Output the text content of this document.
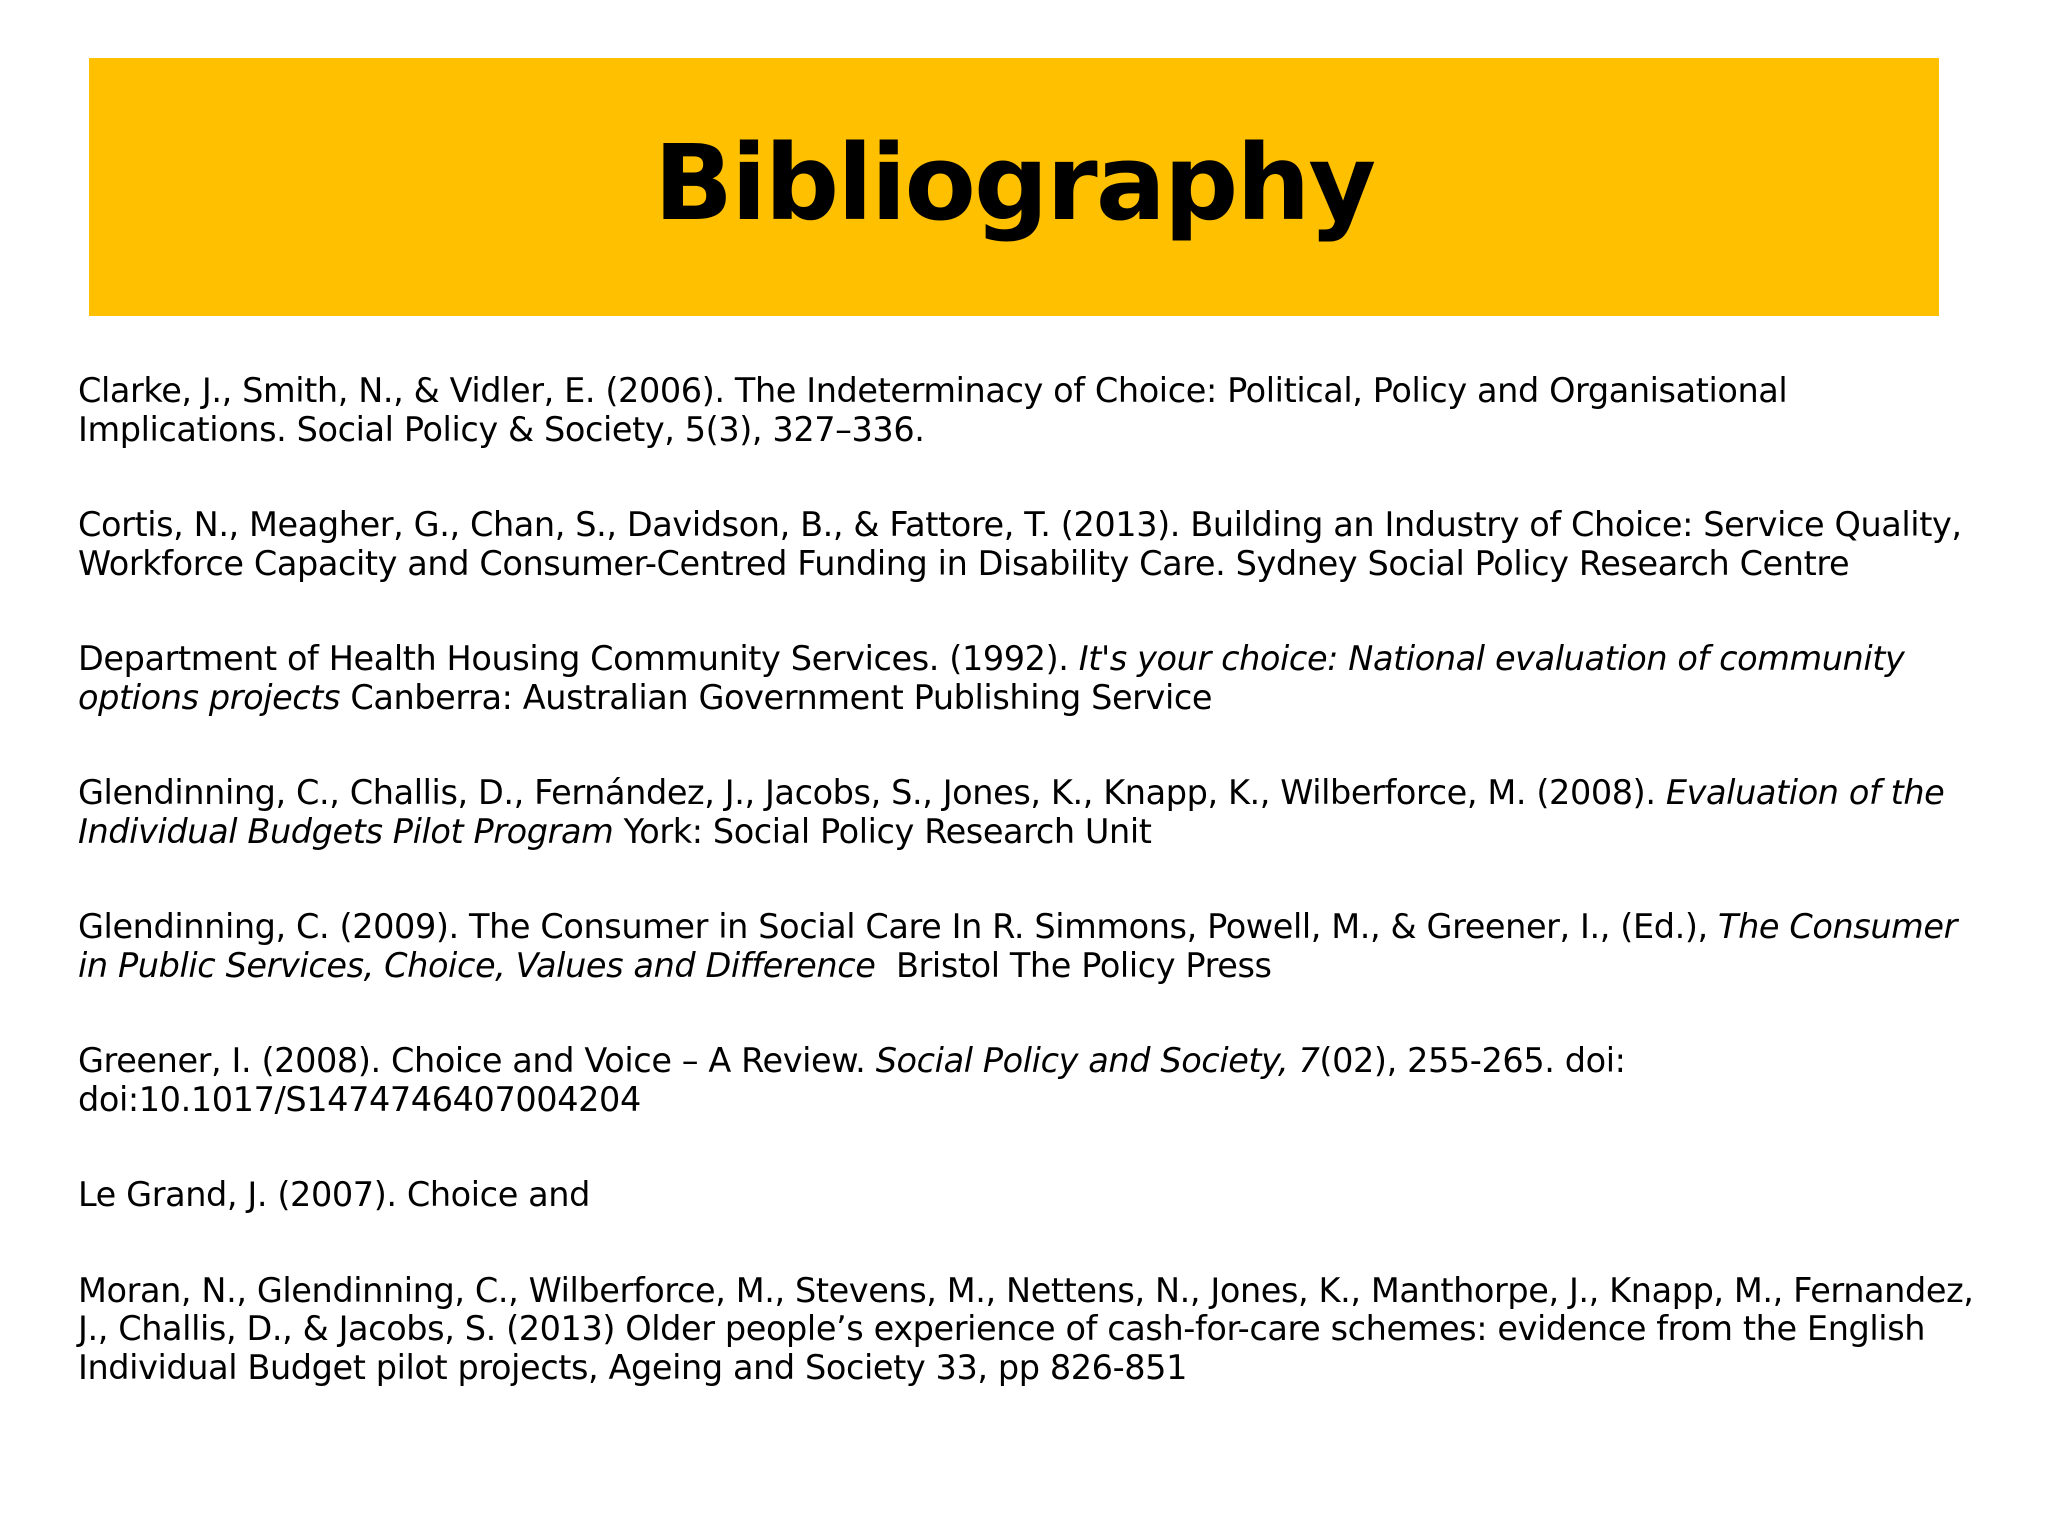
Bibliography

Clarke, J., Smith, N., & Vidler, E. (2006). The Indeterminacy of Choice: Political, Policy and Organisational Implications. Social Policy & Society, 5(3), 327–336.

Cortis, N., Meagher, G., Chan, S., Davidson, B., & Fattore, T. (2013). Building an Industry of Choice: Service Quality, Workforce Capacity and Consumer-Centred Funding in Disability Care. Sydney Social Policy Research Centre

Department of Health Housing Community Services. (1992). It's your choice: National evaluation of community options projects Canberra: Australian Government Publishing Service

Glendinning, C., Challis, D., Fernández, J., Jacobs, S., Jones, K., Knapp, K., Wilberforce, M. (2008). Evaluation of the Individual Budgets Pilot Program York: Social Policy Research Unit

Glendinning, C. (2009). The Consumer in Social Care In R. Simmons, Powell, M., & Greener, I., (Ed.), The Consumer in Public Services, Choice, Values and Difference  Bristol The Policy Press

Greener, I. (2008). Choice and Voice – A Review. Social Policy and Society, 7(02), 255-265. doi: doi:10.1017/S1474746407004204

Le Grand, J. (2007). Choice and

Moran, N., Glendinning, C., Wilberforce, M., Stevens, M., Nettens, N., Jones, K., Manthorpe, J., Knapp, M., Fernandez, J., Challis, D., & Jacobs, S. (2013) Older people’s experience of cash-for-care schemes: evidence from the English Individual Budget pilot projects, Ageing and Society 33, pp 826-851
